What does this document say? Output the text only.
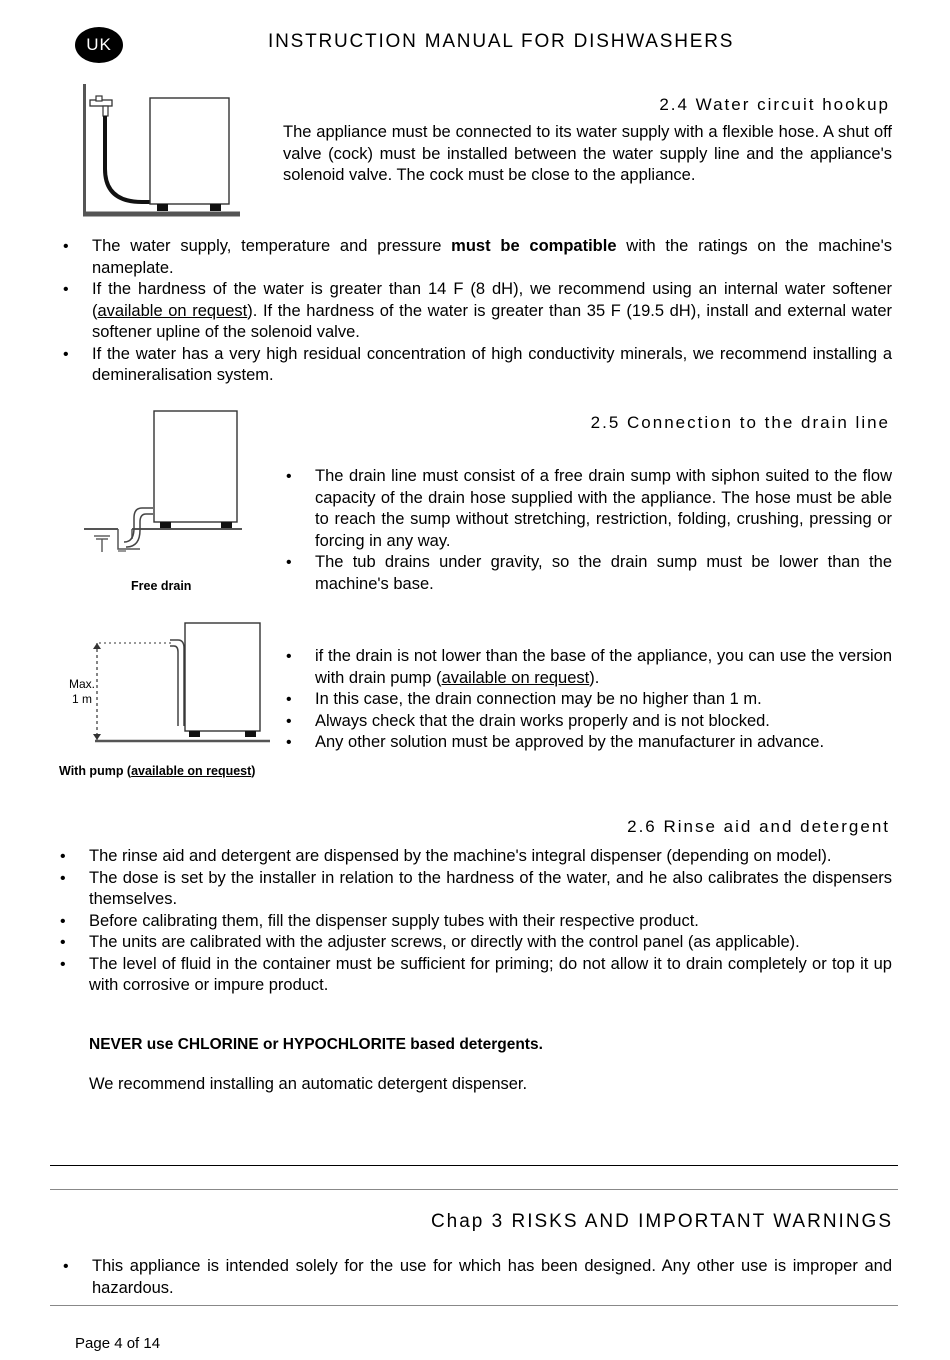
UK	INSTRUCTION MANUAL FOR DISHWASHERS
2.4 Water circuit hookup
The appliance must be connected to its water supply with a flexible hose. A shut off valve (cock) must be installed between the water supply line and the appliance's solenoid valve. The cock must be close to the appliance.
• The water supply, temperature and pressure must be compatible with the ratings on the machine's nameplate.
• If the hardness of the water is greater than 14 F (8 dH), we recommend using an internal water softener (available on request). If the hardness of the water is greater than 35 F (19.5 dH), install and external water softener upline of the solenoid valve.
• If the water has a very high residual concentration of high conductivity minerals, we recommend installing a demineralisation system.
2.5 Connection to the drain line
Free drain
• The drain line must consist of a free drain sump with siphon suited to the flow capacity of the drain hose supplied with the appliance. The hose must be able to reach the sump without stretching, restriction, folding, crushing, pressing or forcing in any way.
• The tub drains under gravity, so the drain sump must be lower than the machine's base.
Max.
1 m
With pump (available on request)
• if the drain is not lower than the base of the appliance, you can use the version with drain pump (available on request).
• In this case, the drain connection may be no higher than 1 m.
• Always check that the drain works properly and is not blocked.
• Any other solution must be approved by the manufacturer in advance.
2.6 Rinse aid and detergent
• The rinse aid and detergent are dispensed by the machine's integral dispenser (depending on model).
• The dose is set by the installer in relation to the hardness of the water, and he also calibrates the dispensers themselves.
• Before calibrating them, fill the dispenser supply tubes with their respective product.
• The units are calibrated with the adjuster screws, or directly with the control panel (as applicable).
• The level of fluid in the container must be sufficient for priming; do not allow it to drain completely or top it up with corrosive or impure product.
NEVER use CHLORINE or HYPOCHLORITE based detergents.
We recommend installing an automatic detergent dispenser.
Chap 3 RISKS AND IMPORTANT WARNINGS
• This appliance is intended solely for the use for which has been designed. Any other use is improper and hazardous.
Page 4 of 14
